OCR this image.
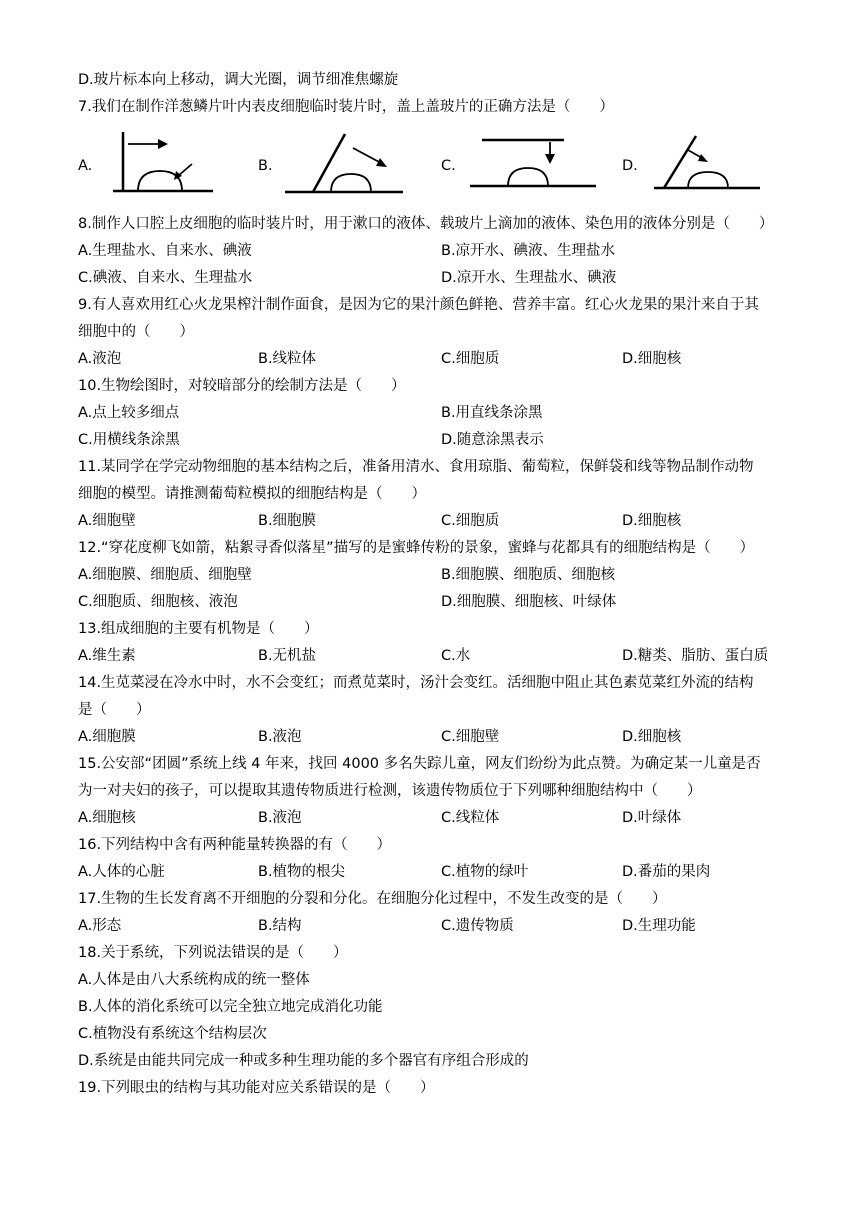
D.玻片标本向上移动，调大光圈，调节细准焦螺旋
7.我们在制作洋葱鳞片叶内表皮细胞临时装片时，盖上盖玻片的正确方法是（　　）
A.	B.	C.	D.
8.制作人口腔上皮细胞的临时装片时，用于漱口的液体、载玻片上滴加的液体、染色用的液体分别是（　　）
A.生理盐水、自来水、碘液	B.凉开水、碘液、生理盐水
C.碘液、自来水、生理盐水	D.凉开水、生理盐水、碘液
9.有人喜欢用红心火龙果榨汁制作面食，是因为它的果汁颜色鲜艳、营养丰富。红心火龙果的果汁来自于其
细胞中的（　　）
A.液泡	B.线粒体	C.细胞质	D.细胞核
10.生物绘图时，对较暗部分的绘制方法是（　　）
A.点上较多细点	B.用直线条涂黑
C.用横线条涂黑	D.随意涂黑表示
11.某同学在学完动物细胞的基本结构之后，准备用清水、食用琼脂、葡萄粒，保鲜袋和线等物品制作动物
细胞的模型。请推测葡萄粒模拟的细胞结构是（　　）
A.细胞壁	B.细胞膜	C.细胞质	D.细胞核
12.“穿花度柳飞如箭，粘絮寻香似落星”描写的是蜜蜂传粉的景象，蜜蜂与花都具有的细胞结构是（　　）
A.细胞膜、细胞质、细胞壁	B.细胞膜、细胞质、细胞核
C.细胞质、细胞核、液泡	D.细胞膜、细胞核、叶绿体
13.组成细胞的主要有机物是（　　）
A.维生素	B.无机盐	C.水	D.糖类、脂肪、蛋白质
14.生苋菜浸在冷水中时，水不会变红；而煮苋菜时，汤汁会变红。活细胞中阻止其色素苋菜红外流的结构
是（　　）
A.细胞膜	B.液泡	C.细胞壁	D.细胞核
15.公安部“团圆”系统上线 4 年来，找回 4000 多名失踪儿童，网友们纷纷为此点赞。为确定某一儿童是否
为一对夫妇的孩子，可以提取其遗传物质进行检测，该遗传物质位于下列哪种细胞结构中（　　）
A.细胞核	B.液泡	C.线粒体	D.叶绿体
16.下列结构中含有两种能量转换器的有（　　）
A.人体的心脏	B.植物的根尖	C.植物的绿叶	D.番茄的果肉
17.生物的生长发育离不开细胞的分裂和分化。在细胞分化过程中，不发生改变的是（　　）
A.形态	B.结构	C.遗传物质	D.生理功能
18.关于系统，下列说法错误的是（　　）
A.人体是由八大系统构成的统一整体
B.人体的消化系统可以完全独立地完成消化功能
C.植物没有系统这个结构层次
D.系统是由能共同完成一种或多种生理功能的多个器官有序组合形成的
19.下列眼虫的结构与其功能对应关系错误的是（　　）
